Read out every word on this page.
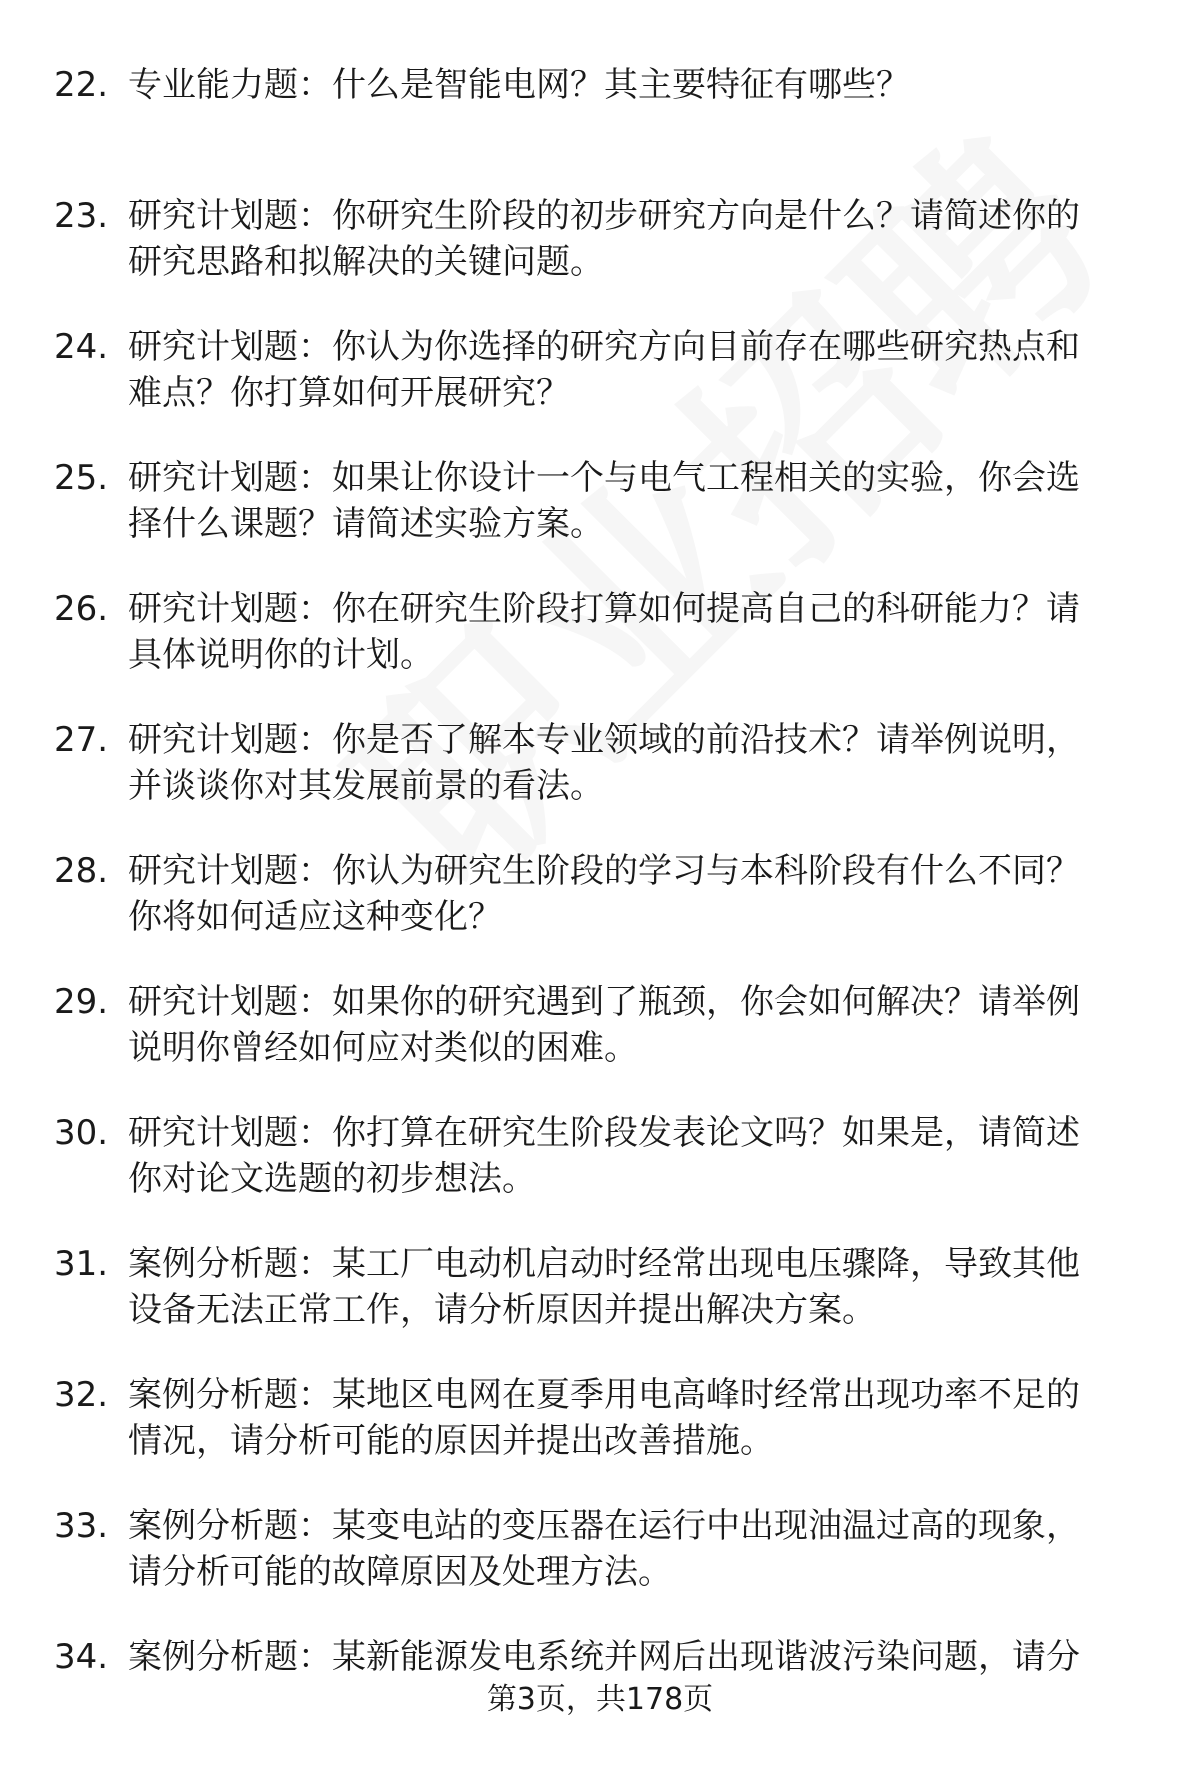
22. 专业能力题：什么是智能电网？其主要特征有哪些？
23. 研究计划题：你研究生阶段的初步研究方向是什么？请简述你的
研究思路和拟解决的关键问题。
24. 研究计划题：你认为你选择的研究方向目前存在哪些研究热点和
难点？你打算如何开展研究？
25. 研究计划题：如果让你设计一个与电气工程相关的实验，你会选
择什么课题？请简述实验方案。
26. 研究计划题：你在研究生阶段打算如何提高自己的科研能力？请
具体说明你的计划。
27. 研究计划题：你是否了解本专业领域的前沿技术？请举例说明，
并谈谈你对其发展前景的看法。
28. 研究计划题：你认为研究生阶段的学习与本科阶段有什么不同？
你将如何适应这种变化？
29. 研究计划题：如果你的研究遇到了瓶颈，你会如何解决？请举例
说明你曾经如何应对类似的困难。
30. 研究计划题：你打算在研究生阶段发表论文吗？如果是，请简述
你对论文选题的初步想法。
31. 案例分析题：某工厂电动机启动时经常出现电压骤降，导致其他
设备无法正常工作，请分析原因并提出解决方案。
32. 案例分析题：某地区电网在夏季用电高峰时经常出现功率不足的
情况，请分析可能的原因并提出改善措施。
33. 案例分析题：某变电站的变压器在运行中出现油温过高的现象，
请分析可能的故障原因及处理方法。
34. 案例分析题：某新能源发电系统并网后出现谐波污染问题，请分
第3页，共178页
